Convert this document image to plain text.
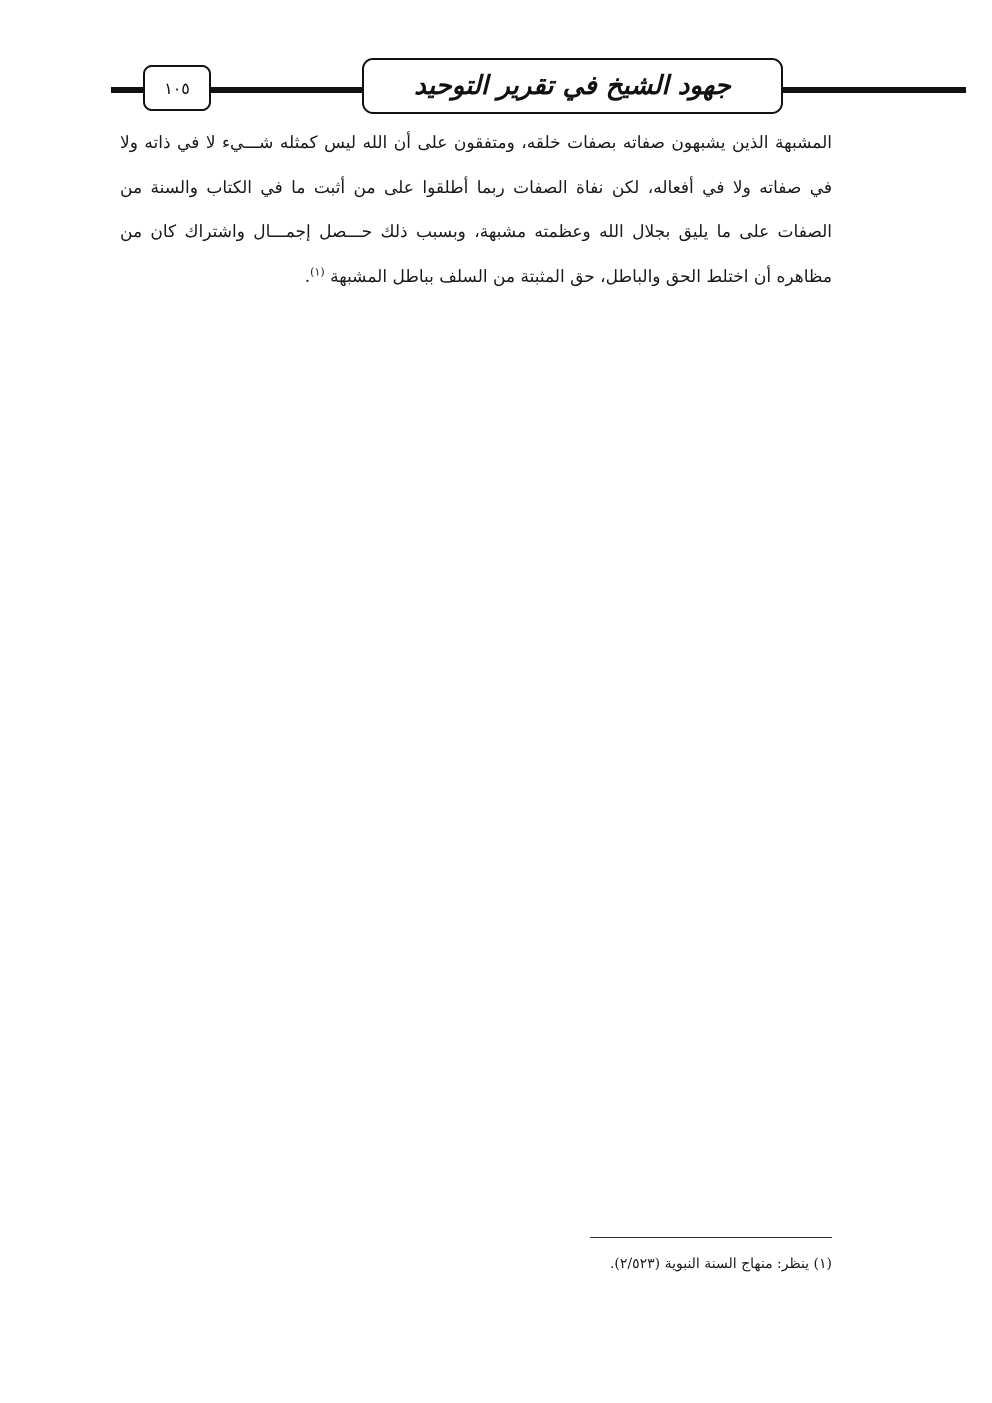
١٠٥	جهود الشيخ في تقرير التوحيد
المشبهة الذين يشبهون صفاته بصفات خلقه، ومتفقون على أن الله ليس كمثله شـــيء لا في ذاته ولا في صفاته ولا في أفعاله، لكن نفاة الصفات ربما أطلقوا على من أثبت ما في الكتاب والسنة من الصفات على ما يليق بجلال الله وعظمته مشبهة، وبسبب ذلك حـــصل إجمـــال واشتراك كان من مظاهره أن اختلط الحق والباطل، حق المثبتة من السلف بباطل المشبهة $^{(١)}$.
(١) ينظر: منهاج السنة النبوية (٢/٥٢٣).
